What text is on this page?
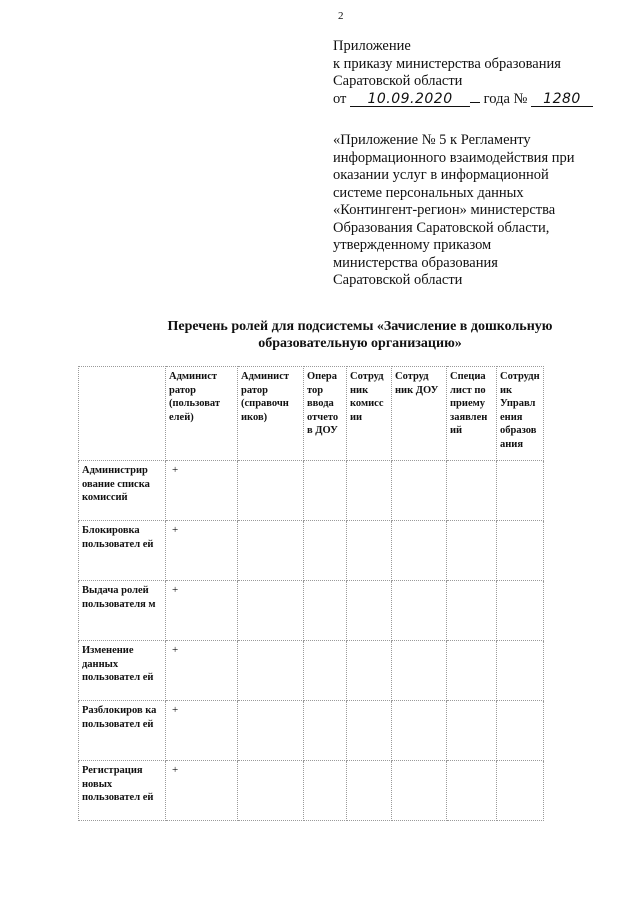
2
Приложение
к приказу министерства образования
Саратовской области
от 10.09.2020 года № 1280
«Приложение № 5 к Регламенту
информационного взаимодействия при
оказании услуг в информационной
системе персональных данных
«Контингент-регион» министерства
Образования Саратовской области,
утвержденному приказом
министерства образования
Саратовской области
Перечень ролей для подсистемы «Зачисление в дошкольную
образовательную организацию»
	Админист ратор (пользоват елей)	Админист ратор (справочн иков)	Опера тор ввода отчето в ДОУ	Сотруд ник комисс ии	Сотруд ник ДОУ	Специа лист по приему заявлен ий	Сотрудн ик Управл ения образов ания
Администрир ование списка комиссий	+						
Блокировка пользовател ей	+						
Выдача ролей пользователя м	+						
Изменение данных пользовател ей	+						
Разблокиров ка пользовател ей	+						
Регистрация новых пользовател ей	+						
